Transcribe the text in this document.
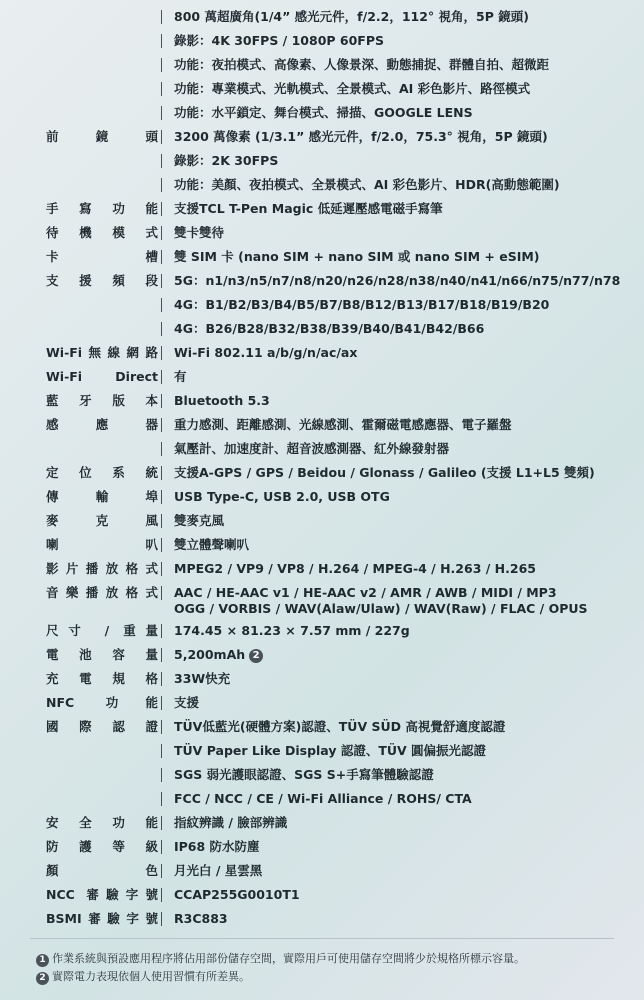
800 萬超廣角(1/4” 感光元件，f/2.2，112° 視角，5P 鏡頭)
錄影：4K 30FPS / 1080P 60FPS
功能：夜拍模式、高像素、人像景深、動態捕捉、群體自拍、超微距
功能：專業模式、光軌模式、全景模式、AI 彩色影片、路徑模式
功能：水平鎖定、舞台模式、掃描、GOOGLE LENS
前鏡頭 3200 萬像素 (1/3.1” 感光元件，f/2.0，75.3° 視角，5P 鏡頭)
錄影：2K 30FPS
功能：美顏、夜拍模式、全景模式、AI 彩色影片、HDR(高動態範圍)
手寫功能 支援TCL T-Pen Magic 低延遲壓感電磁手寫筆
待機模式 雙卡雙待
卡槽 雙 SIM 卡 (nano SIM + nano SIM 或 nano SIM + eSIM)
支援頻段 5G：n1/n3/n5/n7/n8/n20/n26/n28/n38/n40/n41/n66/n75/n77/n78
4G：B1/B2/B3/B4/B5/B7/B8/B12/B13/B17/B18/B19/B20
4G：B26/B28/B32/B38/B39/B40/B41/B42/B66
Wi-Fi無線網路 Wi-Fi 802.11 a/b/g/n/ac/ax
Wi-Fi Direct 有
藍牙版本 Bluetooth 5.3
感應器 重力感測、距離感測、光線感測、霍爾磁電感應器、電子羅盤
氣壓計、加速度計、超音波感測器、紅外線發射器
定位系統 支援A-GPS / GPS / Beidou / Glonass / Galileo (支援 L1+L5 雙頻)
傳輸埠 USB Type-C, USB 2.0, USB OTG
麥克風 雙麥克風
喇叭 雙立體聲喇叭
影片播放格式 MPEG2 / VP9 / VP8 / H.264 / MPEG-4 / H.263 / H.265
音樂播放格式 AAC / HE-AAC v1 / HE-AAC v2 / AMR / AWB / MIDI / MP3
OGG / VORBIS / WAV(Alaw/Ulaw) / WAV(Raw) / FLAC / OPUS
尺寸 / 重量 174.45 × 81.23 × 7.57 mm / 227g
電池容量 5,200mAh 2
充電規格 33W快充
NFC 功能 支援
國際認證 TÜV低藍光(硬體方案)認證、TÜV SÜD 高視覺舒適度認證
TÜV Paper Like Display 認證、TÜV 圓偏振光認證
SGS 弱光護眼認證、SGS S+手寫筆體驗認證
FCC / NCC / CE / Wi-Fi Alliance / ROHS/ CTA
安全功能 指紋辨識 / 臉部辨識
防護等級 IP68 防水防塵
顏色 月光白 / 星雲黑
NCC 審驗字號 CCAP255G0010T1
BSMI審驗字號 R3C883
1 作業系統與預設應用程序將佔用部份儲存空間，實際用戶可使用儲存空間將少於規格所標示容量。
2 實際電力表現依個人使用習慣有所差異。
